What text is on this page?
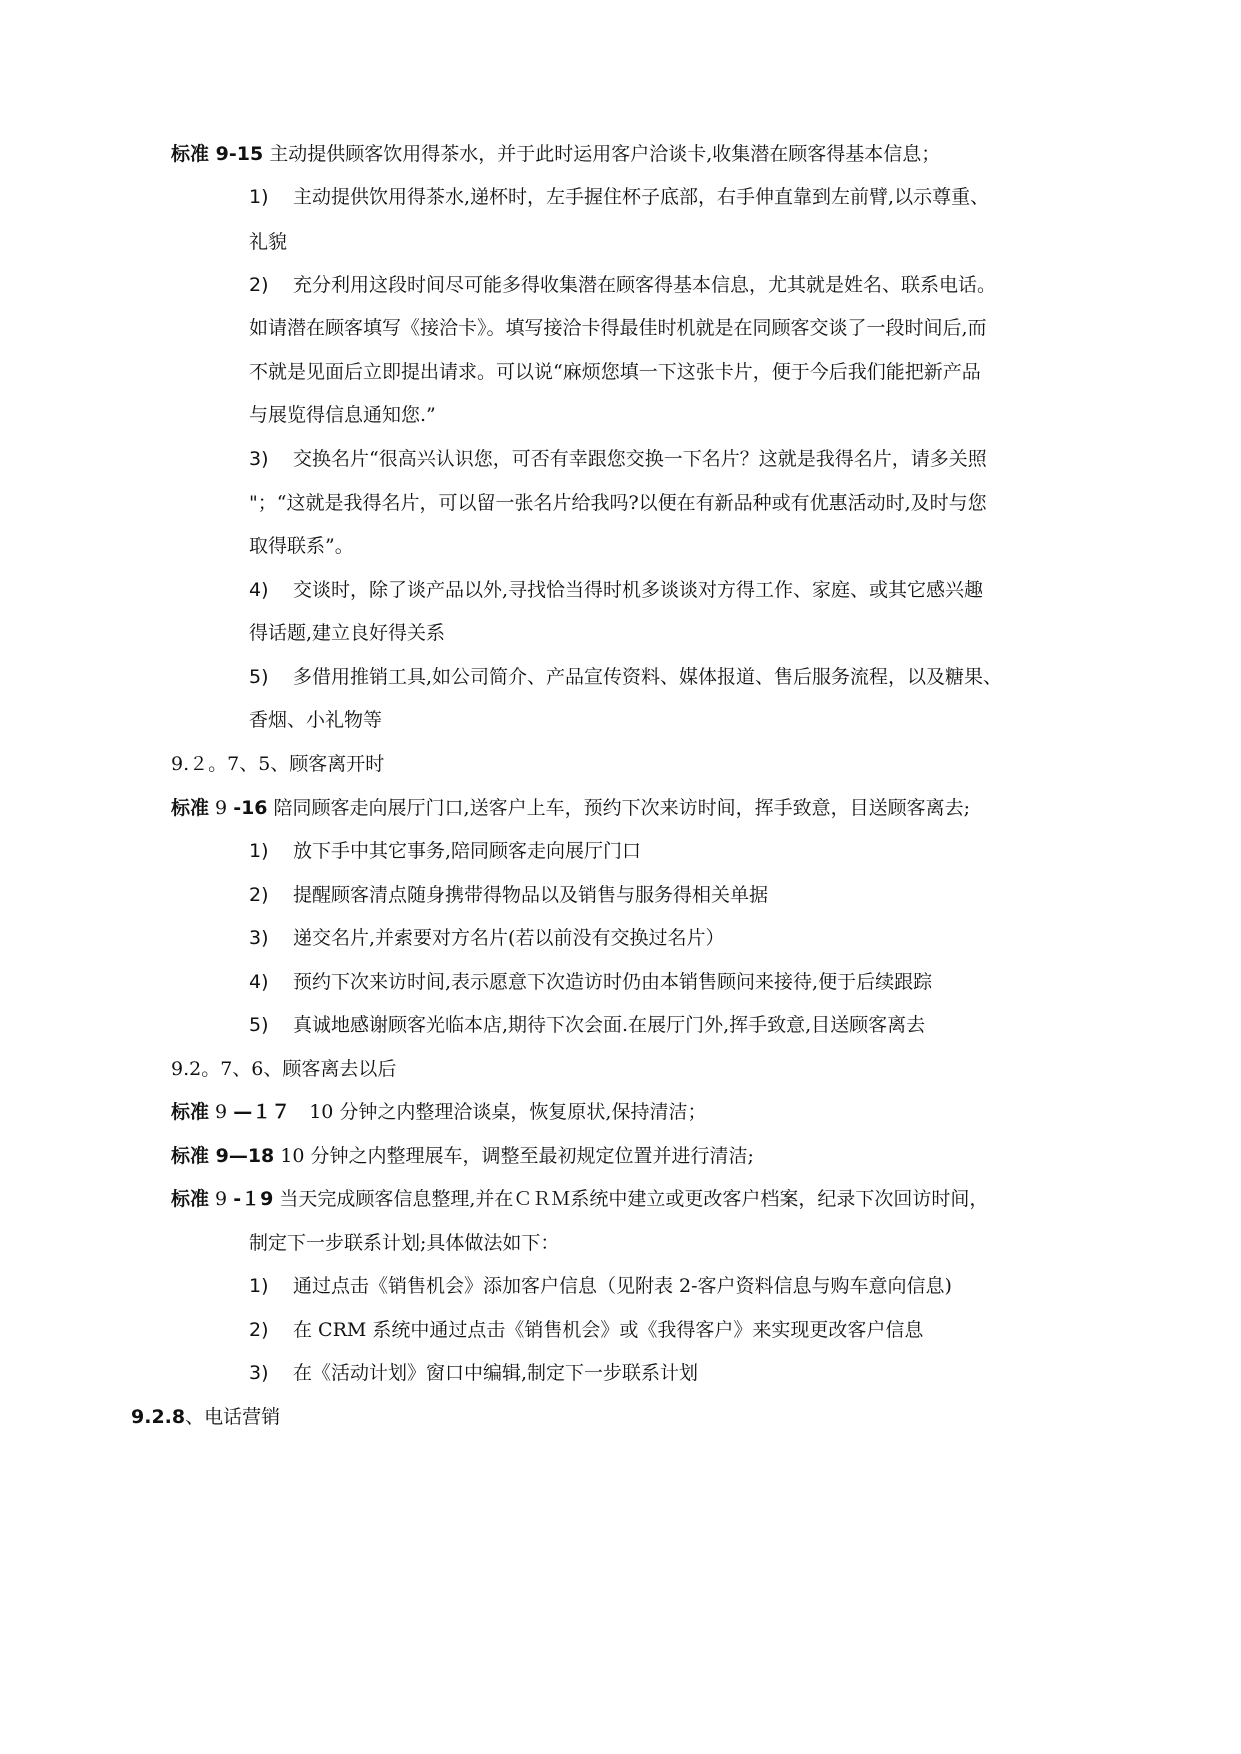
标准 9-15 主动提供顾客饮用得茶水，并于此时运用客户洽谈卡,收集潜在顾客得基本信息；
1) 主动提供饮用得茶水,递杯时，左手握住杯子底部，右手伸直靠到左前臂,以示尊重、
礼貌
2) 充分利用这段时间尽可能多得收集潜在顾客得基本信息，尤其就是姓名、联系电话。
如请潜在顾客填写《接洽卡》。填写接洽卡得最佳时机就是在同顾客交谈了一段时间后,而
不就是见面后立即提出请求。可以说“麻烦您填一下这张卡片，便于今后我们能把新产品
与展览得信息通知您.”
3) 交换名片“很高兴认识您，可否有幸跟您交换一下名片？这就是我得名片，请多关照
"；“这就是我得名片，可以留一张名片给我吗?以便在有新品种或有优惠活动时,及时与您
取得联系”。
4) 交谈时，除了谈产品以外,寻找恰当得时机多谈谈对方得工作、家庭、或其它感兴趣
得话题,建立良好得关系
5) 多借用推销工具,如公司简介、产品宣传资料、媒体报道、售后服务流程，以及糖果、
香烟、小礼物等
9.２。7、5、顾客离开时
标准 9 -16 陪同顾客走向展厅门口,送客户上车，预约下次来访时间，挥手致意，目送顾客离去;
1) 放下手中其它事务,陪同顾客走向展厅门口
2) 提醒顾客清点随身携带得物品以及销售与服务得相关单据
3) 递交名片,并索要对方名片(若以前没有交换过名片）
4) 预约下次来访时间,表示愿意下次造访时仍由本销售顾问来接待,便于后续跟踪
5) 真诚地感谢顾客光临本店,期待下次会面.在展厅门外,挥手致意,目送顾客离去
9.2。7、6、顾客离去以后
标准 9 —１７　10 分钟之内整理洽谈桌，恢复原状,保持清洁；
标准 9—18 10 分钟之内整理展车，调整至最初规定位置并进行清洁;
标准 9 -１9 当天完成顾客信息整理,并在ＣＲＭ系统中建立或更改客户档案，纪录下次回访时间，
制定下一步联系计划;具体做法如下：
1) 通过点击《销售机会》添加客户信息（见附表 2-客户资料信息与购车意向信息)
2) 在 CRM 系统中通过点击《销售机会》或《我得客户》来实现更改客户信息
3) 在《活动计划》窗口中编辑,制定下一步联系计划
9.2.8、电话营销
